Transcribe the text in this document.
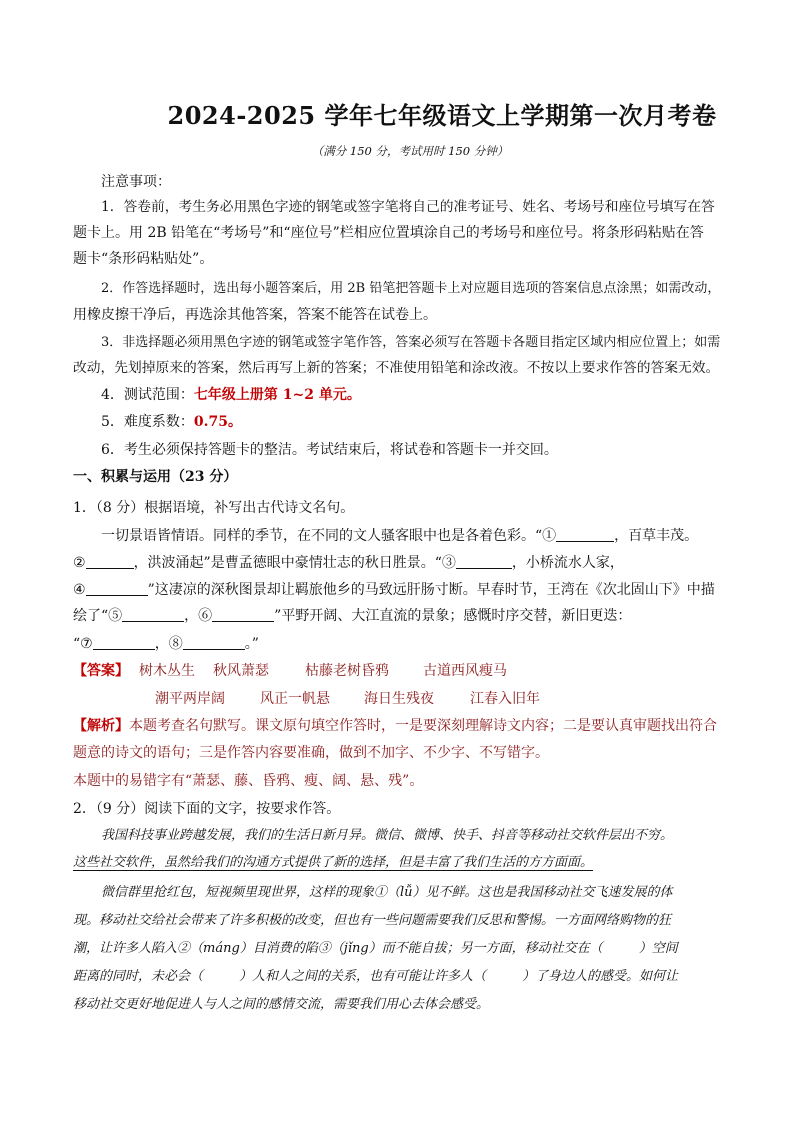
2024-2025 学年七年级语文上学期第一次月考卷
（满分 150 分，考试用时 150 分钟）
注意事项：
1．答卷前，考生务必用黑色字迹的钢笔或签字笔将自己的准考证号、姓名、考场号和座位号填写在答
题卡上。用 2B 铅笔在“考场号”和“座位号”栏相应位置填涂自己的考场号和座位号。将条形码粘贴在答
题卡“条形码粘贴处”。
2．作答选择题时，选出每小题答案后，用 2B 铅笔把答题卡上对应题目选项的答案信息点涂黑；如需改动，
用橡皮擦干净后，再选涂其他答案，答案不能答在试卷上。
3．非选择题必须用黑色字迹的钢笔或签字笔作答，答案必须写在答题卡各题目指定区域内相应位置上；如需
改动，先划掉原来的答案，然后再写上新的答案；不准使用铅笔和涂改液。不按以上要求作答的答案无效。
4．测试范围：七年级上册第 1~2 单元。
5．难度系数：0.75。
6．考生必须保持答题卡的整洁。考试结束后，将试卷和答题卡一并交回。
一、积累与运用（23 分）
1．（8 分）根据语境，补写出古代诗文名句。
一切景语皆情语。同样的季节，在不同的文人骚客眼中也是各着色彩。“①	，百草丰茂。
②	，洪波涌起”是曹孟德眼中豪情壮志的秋日胜景。“③	，小桥流水人家，
④	”这凄凉的深秋图景却让羁旅他乡的马致远肝肠寸断。早春时节，王湾在《次北固山下》中描
绘了“⑤	，⑥	”平野开阔、大江直流的景象；感慨时序交替，新旧更迭：
“⑦	，⑧	。”
【答案】 树木丛生 秋风萧瑟	枯藤老树昏鸦 古道西风瘦马
潮平两岸阔	风正一帆悬 海日生残夜	江春入旧年
【解析】本题考查名句默写。课文原句填空作答时，一是要深刻理解诗文内容；二是要认真审题找出符合
题意的诗文的语句；三是作答内容要准确，做到不加字、不少字、不写错字。
本题中的易错字有“萧瑟、藤、昏鸦、瘦、阔、悬、残”。
2．（9 分）阅读下面的文字，按要求作答。
我国科技事业跨越发展，我们的生活日新月异。微信、微博、快手、抖音等移动社交软件层出不穷。
这些社交软件，虽然给我们的沟通方式提供了新的选择，但是丰富了我们生活的方方面面。
微信群里抢红包，短视频里现世界，这样的现象①（lǚ）见不鲜。这也是我国移动社交飞速发展的体
现。移动社交给社会带来了许多积极的改变，但也有一些问题需要我们反思和警惕。一方面网络购物的狂
潮，让许多人陷入②（máng）目消费的陷③（jǐng）而不能自拔；另一方面，移动社交在（	）空间
距离的同时，未必会（	）人和人之间的关系，也有可能让许多人（	）了身边人的感受。如何让
移动社交更好地促进人与人之间的感情交流，需要我们用心去体会感受。
